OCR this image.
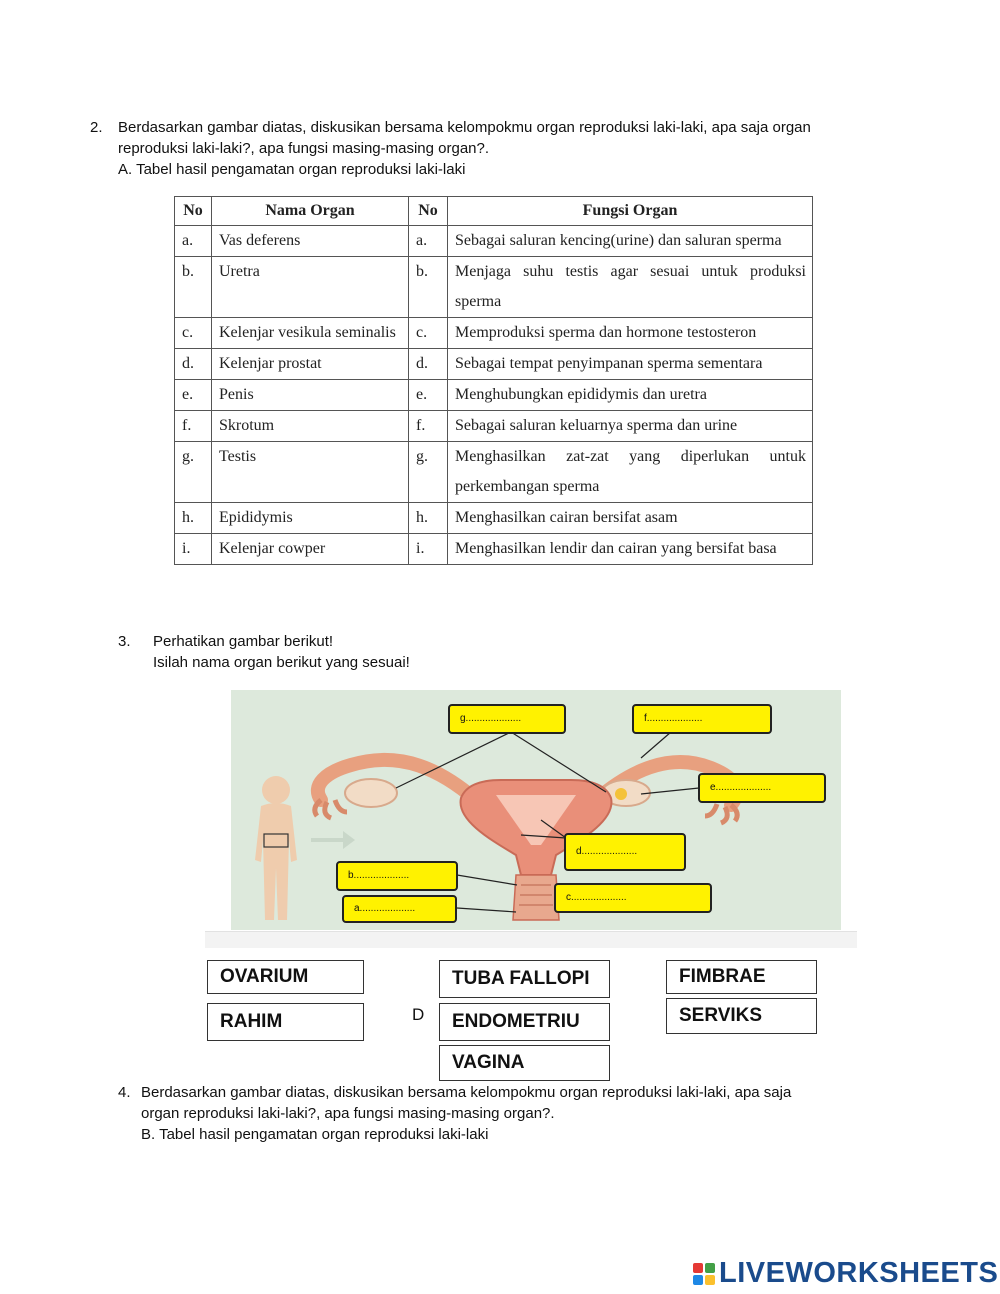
2. Berdasarkan gambar diatas, diskusikan bersama kelompokmu organ reproduksi laki-laki, apa saja organ
reproduksi laki-laki?, apa fungsi masing-masing organ?.
A. Tabel hasil pengamatan organ reproduksi laki-laki
No	Nama Organ	No	Fungsi Organ
a.	Vas deferens	a.	Sebagai saluran kencing(urine) dan saluran sperma
b.	Uretra	b.	Menjaga suhu testis agar sesuai untuk produksi sperma
c.	Kelenjar vesikula seminalis	c.	Memproduksi sperma dan hormone testosteron
d.	Kelenjar prostat	d.	Sebagai tempat penyimpanan sperma sementara
e.	Penis	e.	Menghubungkan epididymis dan uretra
f.	Skrotum	f.	Sebagai saluran keluarnya sperma dan urine
g.	Testis	g.	Menghasilkan zat-zat yang diperlukan untuk perkembangan sperma
h.	Epididymis	h.	Menghasilkan cairan bersifat asam
i.	Kelenjar cowper	i.	Menghasilkan lendir dan cairan yang bersifat basa
3. Perhatikan gambar berikut!
Isilah nama organ berikut yang sesuai!
g....................	f....................
e....................
d....................
c....................
b....................
a....................
OVARIUM	TUBA FALLOPI	FIMBRAE
RAHIM	D	ENDOMETRIU	SERVIKS
VAGINA
4. Berdasarkan gambar diatas, diskusikan bersama kelompokmu organ reproduksi laki-laki, apa saja
organ reproduksi laki-laki?, apa fungsi masing-masing organ?.
B. Tabel hasil pengamatan organ reproduksi laki-laki
LIVEWORKSHEETS
